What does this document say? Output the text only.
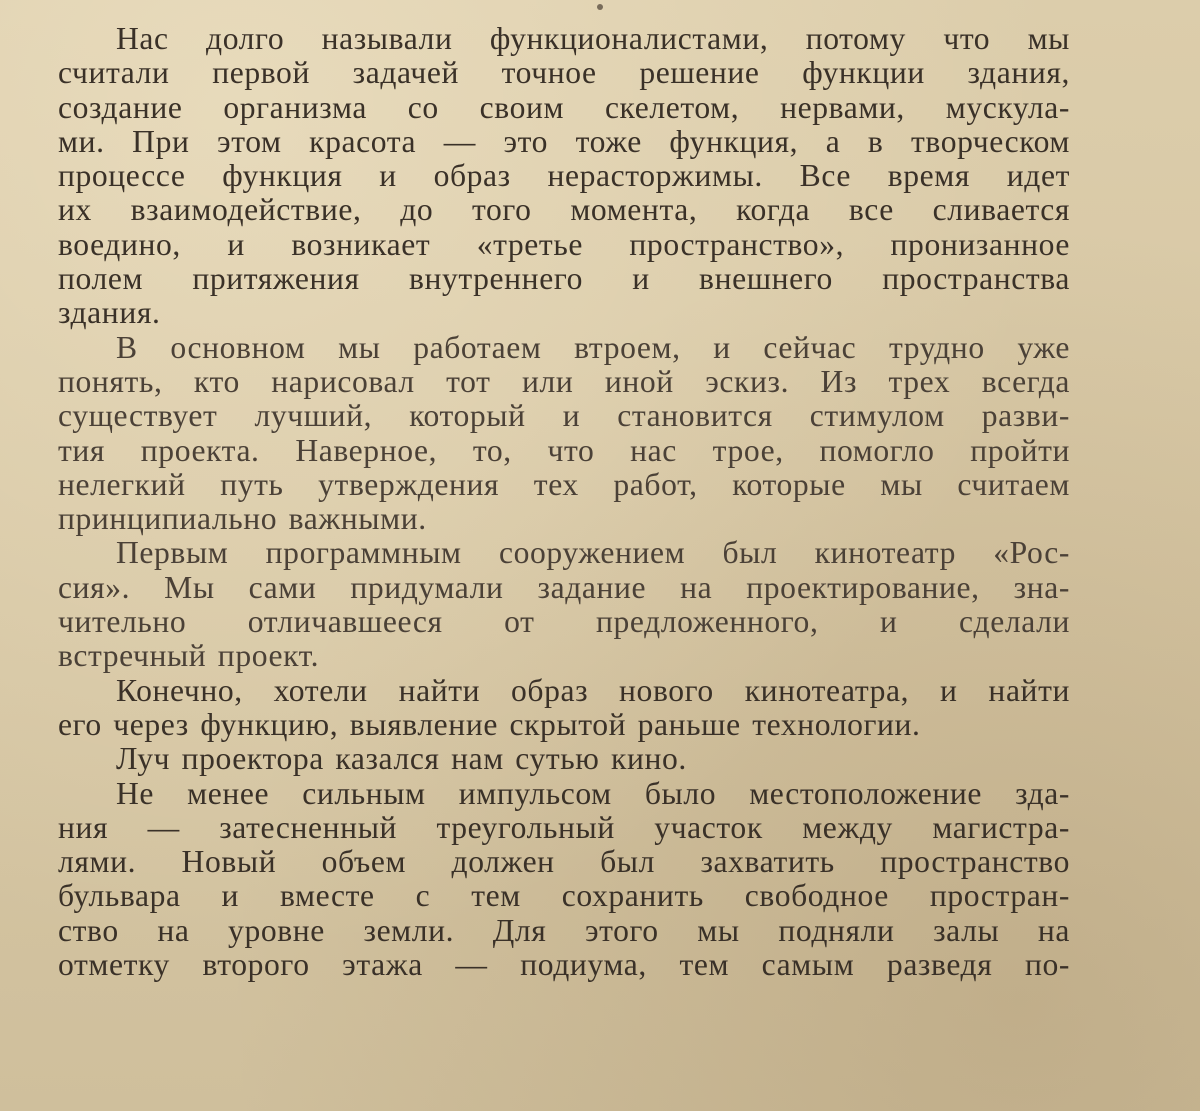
Нас долго называли функционалистами, потому что мы
считали первой задачей точное решение функции здания,
создание организма со своим скелетом, нервами, мускула-
ми. При этом красота — это тоже функция, а в творческом
процессе функция и образ нерасторжимы. Все время идет
их взаимодействие, до того момента, когда все сливается
воедино, и возникает «третье пространство», пронизанное
полем притяжения внутреннего и внешнего пространства
здания.

В основном мы работаем втроем, и сейчас трудно уже
понять, кто нарисовал тот или иной эскиз. Из трех всегда
существует лучший, который и становится стимулом разви-
тия проекта. Наверное, то, что нас трое, помогло пройти
нелегкий путь утверждения тех работ, которые мы считаем
принципиально важными.

Первым программным сооружением был кинотеатр «Рос-
сия». Мы сами придумали задание на проектирование, зна-
чительно отличавшееся от предложенного, и сделали
встречный проект.

Конечно, хотели найти образ нового кинотеатра, и найти
его через функцию, выявление скрытой раньше технологии.

Луч проектора казался нам сутью кино.

Не менее сильным импульсом было местоположение зда-
ния — затесненный треугольный участок между магистра-
лями. Новый объем должен был захватить пространство
бульвара и вместе с тем сохранить свободное простран-
ство на уровне земли. Для этого мы подняли залы на
отметку второго этажа — подиума, тем самым разведя по-
